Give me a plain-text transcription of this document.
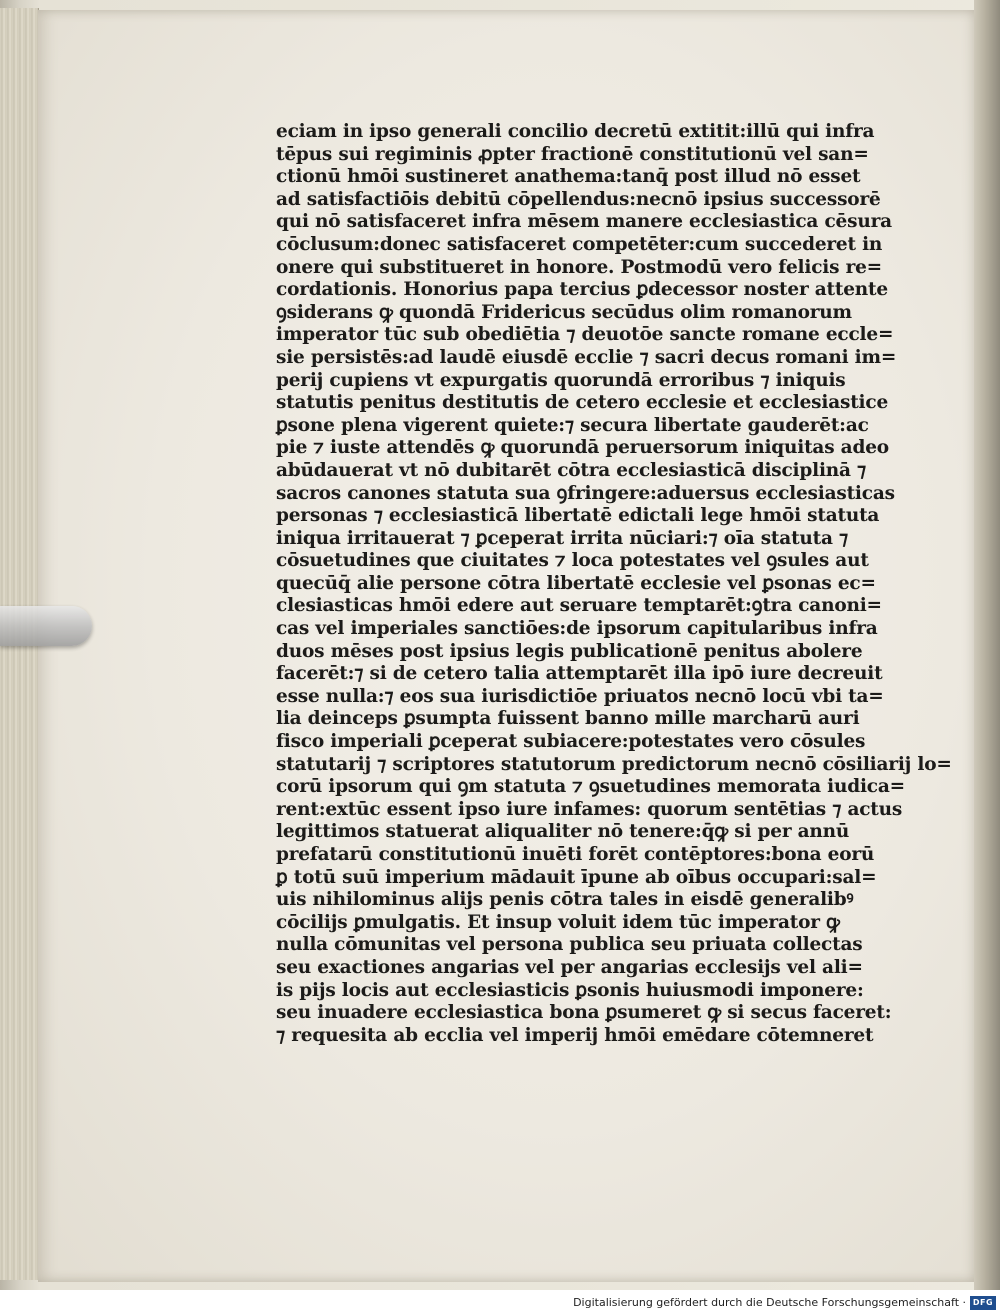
eciam in ipso generali concilio decretū extitit:illū qui infra
tēpus sui regiminis ꝓpter fractionē constitutionū vel san=
ctionū hmōi sustineret anathema:tanq̄ post illud nō esset
ad satisfactiōis debitū cōpellendus:necnō ipsius successorē
qui nō satisfaceret infra mēsem manere ecclesiastica cēsura
cōclusum:donec satisfaceret competēter:cum succederet in
onere qui substitueret in honore. Postmodū vero felicis re=
cordationis. Honorius papa tercius ꝑdecessor noster attente
ꝯsiderans ꝙ quondā Fridericus secūdus olim romanorum
imperator tūc sub obediētia ⁊ deuotōe sancte romane eccle=
sie persistēs:ad laudē eiusdē ecclie ⁊ sacri decus romani im=
perij cupiens vt expurgatis quorundā erroribus ⁊ iniquis
statutis penitus destitutis de cetero ecclesie et ecclesiastice
ꝑsone plena vigerent quiete:⁊ secura libertate gauderēt:ac
pie ⁊ iuste attendēs ꝙ quorundā peruersorum iniquitas adeo
abūdauerat vt nō dubitarēt cōtra ecclesiasticā disciplinā ⁊
sacros canones statuta sua ꝯfringere:aduersus ecclesiasticas
personas ⁊ ecclesiasticā libertatē edictali lege hmōi statuta
iniqua irritauerat ⁊ ꝑceperat irrita nūciari:⁊ oīa statuta ⁊
cōsuetudines que ciuitates ⁊ loca potestates vel ꝯsules aut
quecūq̄ alie persone cōtra libertatē ecclesie vel ꝑsonas ec=
clesiasticas hmōi edere aut seruare temptarēt:ꝯtra canoni=
cas vel imperiales sanctiōes:de ipsorum capitularibus infra
duos mēses post ipsius legis publicationē penitus abolere
facerēt:⁊ si de cetero talia attemptarēt illa ipō iure decreuit
esse nulla:⁊ eos sua iurisdictiōe priuatos necnō locū vbi ta=
lia deinceps ꝑsumpta fuissent banno mille marcharū auri
fisco imperiali ꝑceperat subiacere:potestates vero cōsules
statutarij ⁊ scriptores statutorum predictorum necnō cōsiliarij lo=
corū ipsorum qui ꝯm statuta ⁊ ꝯsuetudines memorata iudica=
rent:extūc essent ipso iure infames: quorum sentētias ⁊ actus
legittimos statuerat aliqualiter nō tenere:q̄ꝙ si per annū
prefatarū constitutionū inuēti forēt contēptores:bona eorū
ꝑ totū suū imperium mādauit īpune ab oībus occupari:sal=
uis nihilominus alijs penis cōtra tales in eisdē generalibꝰ
cōcilijs ꝑmulgatis. Et insup voluit idem tūc imperator ꝙ
nulla cōmunitas vel persona publica seu priuata collectas
seu exactiones angarias vel per angarias ecclesijs vel ali=
is pijs locis aut ecclesiasticis ꝑsonis huiusmodi imponere:
seu inuadere ecclesiastica bona ꝑsumeret ꝙ si secus faceret:
⁊ requesita ab ecclia vel imperij hmōi emēdare cōtemneret
Digitalisierung gefördert durch die Deutsche Forschungsgemeinschaft · DFG
